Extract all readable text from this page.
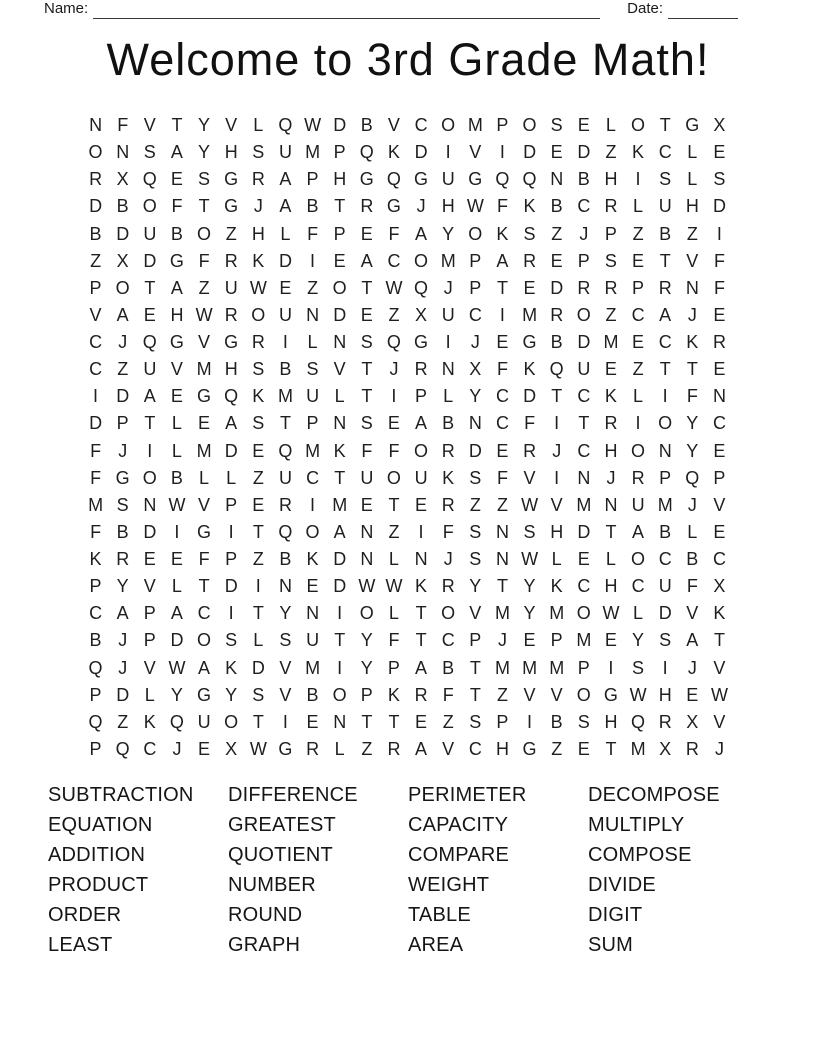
Name:	Date:
Welcome to 3rd Grade Math!
N F V T Y V L Q W D B V C O M P O S E L O T G X
O N S A Y H S U M P Q K D	I	V	I	D E D Z K C L E
R X Q E S G R A P H G Q G U G Q Q N B H	I	S L S
D B O F T G J A B T R G J H W F K B C R L U H D
B D U B O Z H L F P E F A Y O K S Z J P Z B Z	I
Z X D G F R K D	I	E A C O M P A R E P S E T V F
P O T A Z U W E Z O T W Q J P T E D R R P R N F
V A E H W R O U N D E Z X U C	I M R O Z C A J E
C J Q G V G R	I	L N S Q G I	J E G B D M E C K R
C Z U V M H S B S V T J R N X F K Q U E Z T T E
I	D A E G Q K M U L T	I	P L Y C D T C K L	I	F N
D P T L E A S T P N S E A B N C F	I	T R	I O Y C
F J	I	L M D E Q M K F F O R D E R J C H O N Y E
F G O B L L Z U C T U O U K S F V	I	N J R P Q P
M S N W V P E R	I M E T E R Z Z W V M N U M J V
F B D	I G I	T Q O A N Z	I	F S N S H D T A B L E
K R E E F P Z B K D N L N J S N W L E L O C B C
P Y V L T D	I	N E D W W K R Y T Y K C H C U F X
C A P A C	I	T Y N	I O L T O V M Y M O W L D V K
B J P D O S L S U T Y F T C P J E P M E Y S A T
Q J V W A K D V M I	Y P A B T M M M P	I	S	I	J V
P D L Y G Y S V B O P K R F T Z V V O G W H E W
Q Z K Q U O T	I	E N T T E Z S P	I	B S H Q R X V
P Q C J E X W G R L Z R A V C H G Z E T M X R J
SUBTRACTION
EQUATION
ADDITION
PRODUCT
ORDER
LEAST
DIFFERENCE
GREATEST
QUOTIENT
NUMBER
ROUND
GRAPH
PERIMETER
CAPACITY
COMPARE
WEIGHT
TABLE
AREA
DECOMPOSE
MULTIPLY
COMPOSE
DIVIDE
DIGIT
SUM
